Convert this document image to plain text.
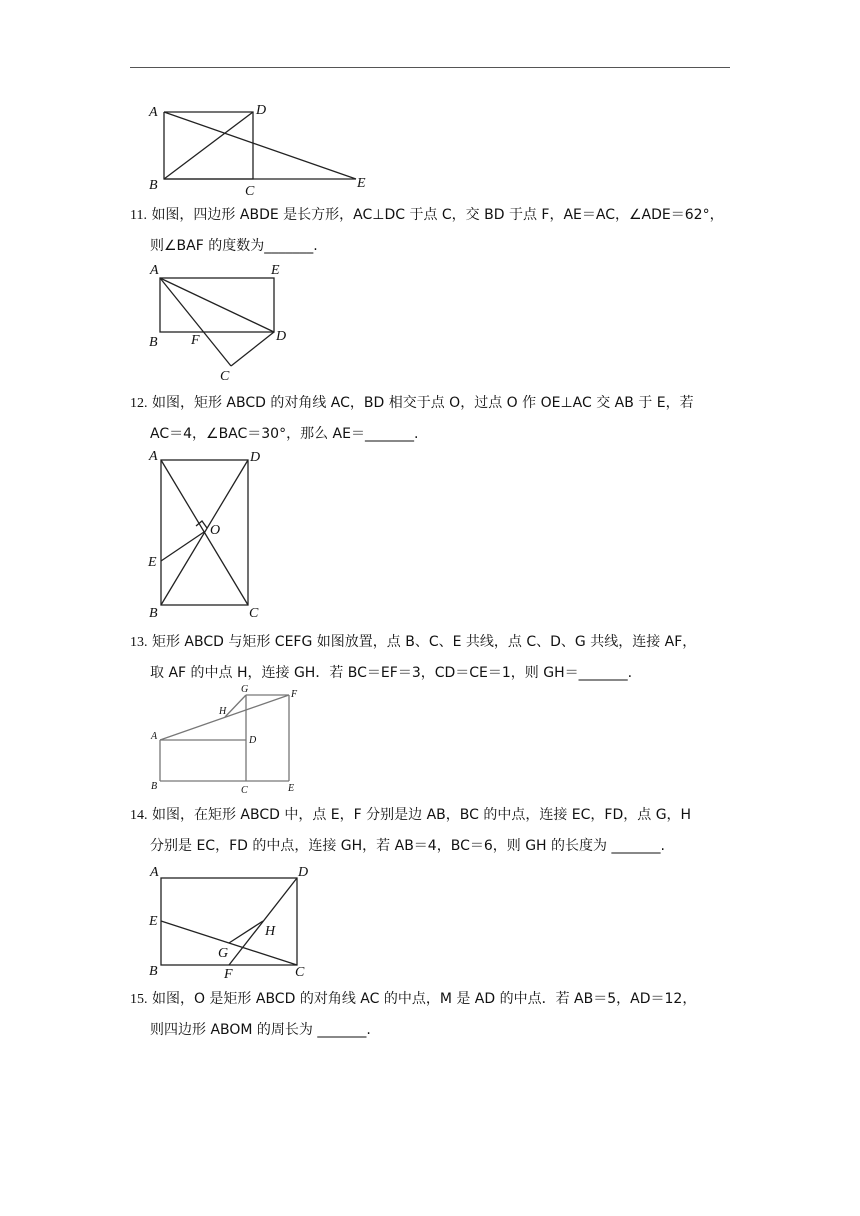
A	D
B	C
E
11. 如图，四边形 ABDE 是长方形，AC⊥DC 于点 C，交 BD 于点 F，AE＝AC，∠ADE＝62°，
则∠BAF 的度数为_______.
A	E
B F	D
C
12. 如图，矩形 ABCD 的对角线 AC，BD 相交于点 O，过点 O 作 OE⊥AC 交 AB 于 E，若
AC＝4，∠BAC＝30°，那么 AE＝_______.
A	D
O
E
B	C
13. 矩形 ABCD 与矩形 CEFG 如图放置，点 B、C、E 共线，点 C、D、G 共线，连接 AF，
取 AF 的中点 H，连接 GH．若 BC＝EF＝3，CD＝CE＝1，则 GH＝_______.
G	F
H
A	D
B	C	E
14. 如图，在矩形 ABCD 中，点 E，F 分别是边 AB，BC 的中点，连接 EC，FD，点 G，H
分别是 EC，FD 的中点，连接 GH，若 AB＝4，BC＝6，则 GH 的长度为 _______.
A	D
E
H
G
B	F	C
15. 如图，O 是矩形 ABCD 的对角线 AC 的中点，M 是 AD 的中点．若 AB＝5，AD＝12，
则四边形 ABOM 的周长为 _______.
